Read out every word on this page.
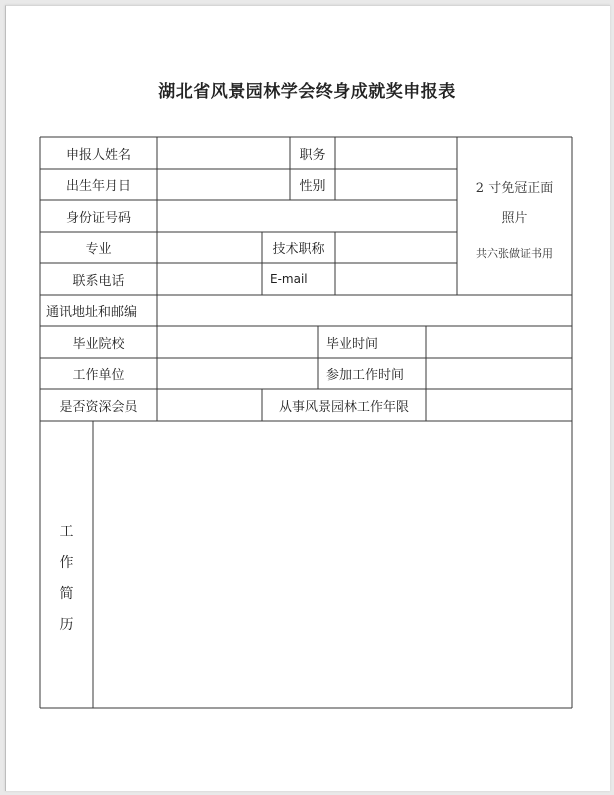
湖北省风景园林学会终身成就奖申报表
申报人姓名	职务
出生年月日	性别
身份证号码
专业	技术职称
联系电话	E-mail
2 寸免冠正面
照片
共六张做证书用
通讯地址和邮编
毕业院校	毕业时间
工作单位	参加工作时间
是否资深会员	从事风景园林工作年限
工
作
简
历
